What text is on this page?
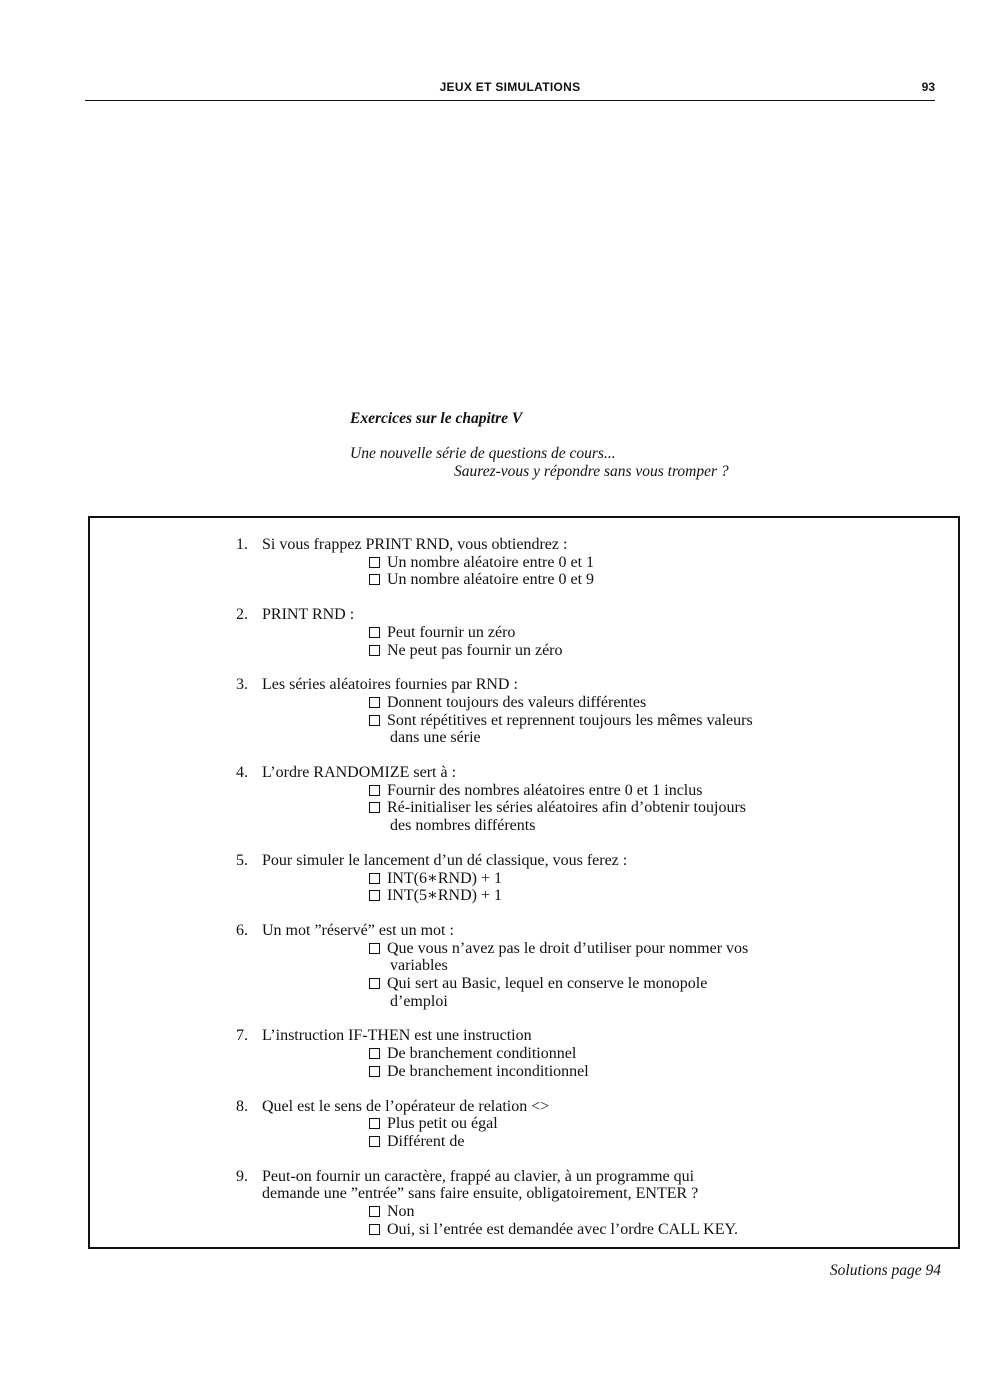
JEUX ET SIMULATIONS	93
Exercices sur le chapitre V
Une nouvelle série de questions de cours...
Saurez-vous y répondre sans vous tromper ?
1. Si vous frappez PRINT RND, vous obtiendrez :
Un nombre aléatoire entre 0 et 1
Un nombre aléatoire entre 0 et 9
2. PRINT RND :
Peut fournir un zéro
Ne peut pas fournir un zéro
3. Les séries aléatoires fournies par RND :
Donnent toujours des valeurs différentes
Sont répétitives et reprennent toujours les mêmes valeurs
dans une série
4. L’ordre RANDOMIZE sert à :
Fournir des nombres aléatoires entre 0 et 1 inclus
Ré-initialiser les séries aléatoires afin d’obtenir toujours
des nombres différents
5. Pour simuler le lancement d’un dé classique, vous ferez :
INT(6∗RND) + 1
INT(5∗RND) + 1
6. Un mot ”réservé” est un mot :
Que vous n’avez pas le droit d’utiliser pour nommer vos
variables
Qui sert au Basic, lequel en conserve le monopole
d’emploi
7. L’instruction IF-THEN est une instruction
De branchement conditionnel
De branchement inconditionnel
8. Quel est le sens de l’opérateur de relation <>
Plus petit ou égal
Différent de
9. Peut-on fournir un caractère, frappé au clavier, à un programme qui
demande une ”entrée” sans faire ensuite, obligatoirement, ENTER ?
Non
Oui, si l’entrée est demandée avec l’ordre CALL KEY.
Solutions page 94
